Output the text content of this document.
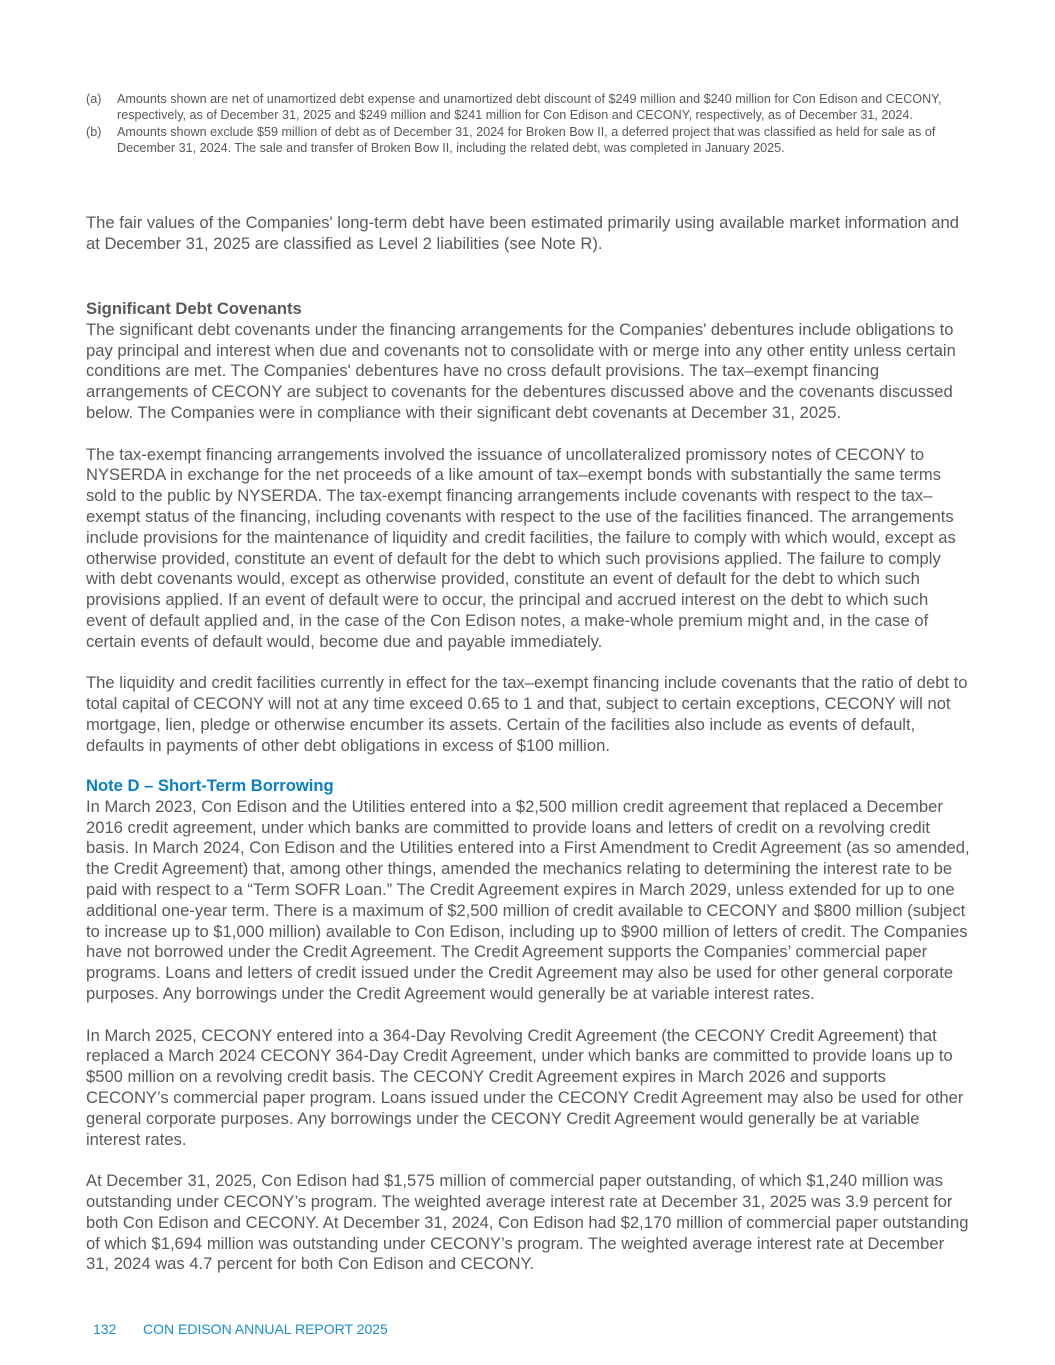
(a)	Amounts shown are net of unamortized debt expense and unamortized debt discount of $249 million and $240 million for Con Edison and CECONY, respectively, as of December 31, 2025 and $249 million and $241 million for Con Edison and CECONY, respectively, as of December 31, 2024.
(b)	Amounts shown exclude $59 million of debt as of December 31, 2024 for Broken Bow II, a deferred project that was classified as held for sale as of December 31, 2024. The sale and transfer of Broken Bow II, including the related debt, was completed in January 2025.

The fair values of the Companies' long-term debt have been estimated primarily using available market information and at December 31, 2025 are classified as Level 2 liabilities (see Note R).

Significant Debt Covenants

The significant debt covenants under the financing arrangements for the Companies' debentures include obligations to pay principal and interest when due and covenants not to consolidate with or merge into any other entity unless certain conditions are met. The Companies' debentures have no cross default provisions. The tax–exempt financing arrangements of CECONY are subject to covenants for the debentures discussed above and the covenants discussed below. The Companies were in compliance with their significant debt covenants at December 31, 2025.

The tax-exempt financing arrangements involved the issuance of uncollateralized promissory notes of CECONY to NYSERDA in exchange for the net proceeds of a like amount of tax–exempt bonds with substantially the same terms sold to the public by NYSERDA. The tax-exempt financing arrangements include covenants with respect to the tax–exempt status of the financing, including covenants with respect to the use of the facilities financed. The arrangements include provisions for the maintenance of liquidity and credit facilities, the failure to comply with which would, except as otherwise provided, constitute an event of default for the debt to which such provisions applied. The failure to comply with debt covenants would, except as otherwise provided, constitute an event of default for the debt to which such provisions applied. If an event of default were to occur, the principal and accrued interest on the debt to which such event of default applied and, in the case of the Con Edison notes, a make-whole premium might and, in the case of certain events of default would, become due and payable immediately.

The liquidity and credit facilities currently in effect for the tax–exempt financing include covenants that the ratio of debt to total capital of CECONY will not at any time exceed 0.65 to 1 and that, subject to certain exceptions, CECONY will not mortgage, lien, pledge or otherwise encumber its assets. Certain of the facilities also include as events of default, defaults in payments of other debt obligations in excess of $100 million.

Note D – Short-Term Borrowing

In March 2023, Con Edison and the Utilities entered into a $2,500 million credit agreement that replaced a December 2016 credit agreement, under which banks are committed to provide loans and letters of credit on a revolving credit basis. In March 2024, Con Edison and the Utilities entered into a First Amendment to Credit Agreement (as so amended, the Credit Agreement) that, among other things, amended the mechanics relating to determining the interest rate to be paid with respect to a “Term SOFR Loan.” The Credit Agreement expires in March 2029, unless extended for up to one additional one-year term. There is a maximum of $2,500 million of credit available to CECONY and $800 million (subject to increase up to $1,000 million) available to Con Edison, including up to $900 million of letters of credit. The Companies have not borrowed under the Credit Agreement. The Credit Agreement supports the Companies’ commercial paper programs. Loans and letters of credit issued under the Credit Agreement may also be used for other general corporate purposes. Any borrowings under the Credit Agreement would generally be at variable interest rates.

In March 2025, CECONY entered into a 364-Day Revolving Credit Agreement (the CECONY Credit Agreement) that replaced a March 2024 CECONY 364-Day Credit Agreement, under which banks are committed to provide loans up to $500 million on a revolving credit basis. The CECONY Credit Agreement expires in March 2026 and supports CECONY’s commercial paper program. Loans issued under the CECONY Credit Agreement may also be used for other general corporate purposes. Any borrowings under the CECONY Credit Agreement would generally be at variable interest rates.

At December 31, 2025, Con Edison had $1,575 million of commercial paper outstanding, of which $1,240 million was outstanding under CECONY’s program. The weighted average interest rate at December 31, 2025 was 3.9 percent for both Con Edison and CECONY. At December 31, 2024, Con Edison had $2,170 million of commercial paper outstanding of which $1,694 million was outstanding under CECONY’s program. The weighted average interest rate at December 31, 2024 was 4.7 percent for both Con Edison and CECONY.

132	CON EDISON ANNUAL REPORT 2025
